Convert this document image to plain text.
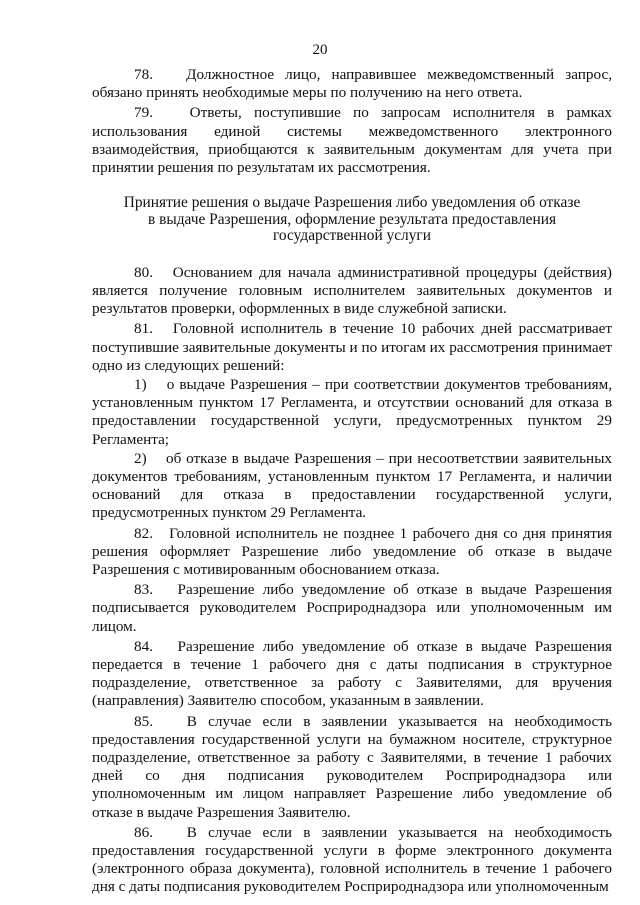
20

78.   Должностное лицо, направившее межведомственный запрос, обязано принять необходимые меры по получению на него ответа.

79.   Ответы, поступившие по запросам исполнителя в рамках использования единой системы межведомственного электронного взаимодействия, приобщаются к заявительным документам для учета при принятии решения по результатам их рассмотрения.

Принятие решения о выдаче Разрешения либо уведомления об отказе
в выдаче Разрешения, оформление результата предоставления
государственной услуги

80.   Основанием для начала административной процедуры (действия) является получение головным исполнителем заявительных документов и результатов проверки, оформленных в виде служебной записки.

81.   Головной исполнитель в течение 10 рабочих дней рассматривает поступившие заявительные документы и по итогам их рассмотрения принимает одно из следующих решений:

1)    о выдаче Разрешения – при соответствии документов требованиям, установленным пунктом 17 Регламента, и отсутствии оснований для отказа в предоставлении государственной услуги, предусмотренных пунктом 29 Регламента;

2)    об отказе в выдаче Разрешения – при несоответствии заявительных документов требованиям, установленным пунктом 17 Регламента, и наличии оснований для отказа в предоставлении государственной услуги, предусмотренных пунктом 29 Регламента.

82.   Головной исполнитель не позднее 1 рабочего дня со дня принятия решения оформляет Разрешение либо уведомление об отказе в выдаче Разрешения с мотивированным обоснованием отказа.

83.   Разрешение либо уведомление об отказе в выдаче Разрешения подписывается руководителем Росприроднадзора или уполномоченным им лицом.

84.   Разрешение либо уведомление об отказе в выдаче Разрешения передается в течение 1 рабочего дня с даты подписания в структурное подразделение, ответственное за работу с Заявителями, для вручения (направления) Заявителю способом, указанным в заявлении.

85.   В случае если в заявлении указывается на необходимость предоставления государственной услуги на бумажном носителе, структурное подразделение, ответственное за работу с Заявителями, в течение 1 рабочих дней со дня подписания руководителем Росприроднадзора или уполномоченным им лицом направляет Разрешение либо уведомление об отказе в выдаче Разрешения Заявителю.

86.   В случае если в заявлении указывается на необходимость предоставления государственной услуги в форме электронного документа (электронного образа документа), головной исполнитель в течение 1 рабочего дня с даты подписания руководителем Росприроднадзора или уполномоченным
